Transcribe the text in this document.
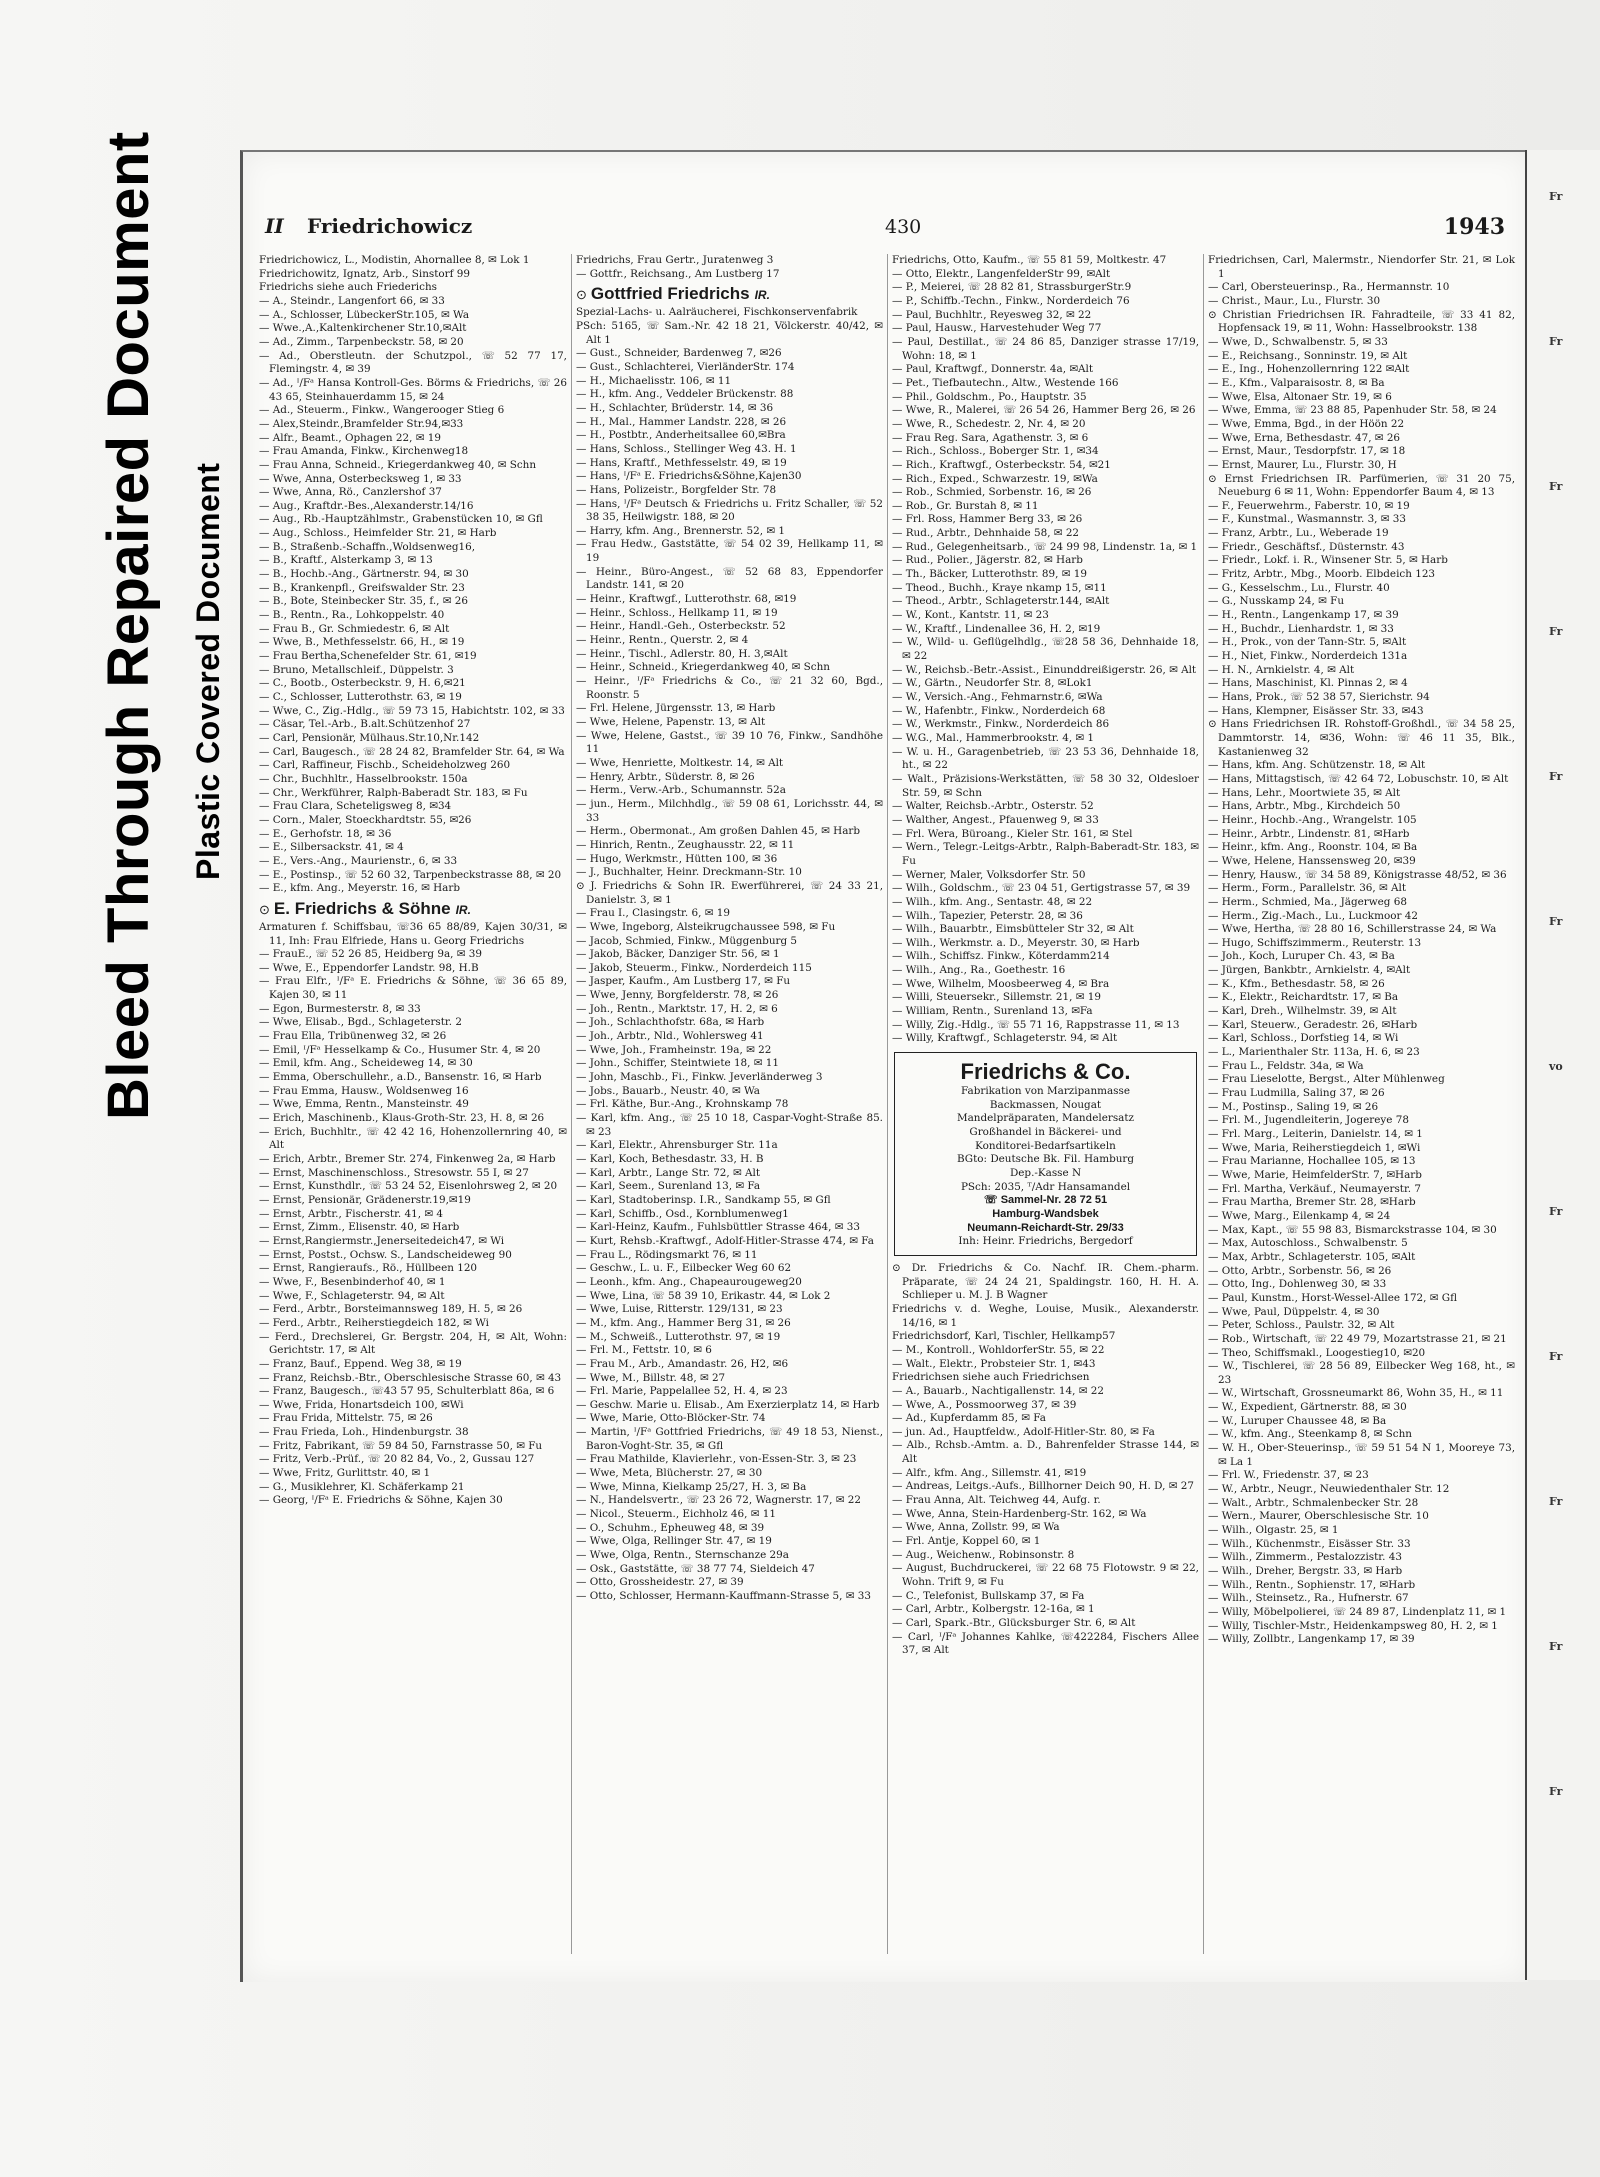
Bleed Through Repaired Document Plastic Covered Document
II Friedrichowicz	430	1943
Friedrichowicz, L., Modistin, Ahornallee 8, ✉ Lok 1
Friedrichowitz, Ignatz, Arb., Sinstorf 99
Friedrichs siehe auch Friederichs
— A., Steindr., Langenfort 66, ✉ 33
— A., Schlosser, LübeckerStr.105, ✉ Wa
— Wwe.,A.,Kaltenkirchener Str.10,✉Alt
— Ad., Zimm., Tarpenbeckstr. 58, ✉ 20
— Ad., Oberstleutn. der Schutzpol., ☏ 52 77 17, Flemingstr. 4, ✉ 39
— Ad., ᴵ/Fᵃ Hansa Kontroll-Ges. Börms & Friedrichs, ☏ 26 43 65, Steinhauerdamm 15, ✉ 24
— Ad., Steuerm., Finkw., Wangerooger Stieg 6
— Alex,Steindr.,Bramfelder Str.94,✉33
— Alfr., Beamt., Ophagen 22, ✉ 19
— Frau Amanda, Finkw., Kirchenweg18
— Frau Anna, Schneid., Kriegerdankweg 40, ✉ Schn
— Wwe, Anna, Osterbecksweg 1, ✉ 33
— Wwe, Anna, Rö., Canzlershof 37
— Aug., Kraftdr.-Bes.,Alexanderstr.14/16
— Aug., Rb.-Hauptzählmstr., Grabenstücken 10, ✉ Gfl
— Aug., Schloss., Heimfelder Str. 21, ✉ Harb
— B., Straßenb.-Schaffn.,Woldsenweg16,
— B., Kraftf., Alsterkamp 3, ✉ 13
— B., Hochb.-Ang., Gärtnerstr. 94, ✉ 30
— B., Krankenpfl., Greifswalder Str. 23
— B., Bote, Steinbecker Str. 35, f., ✉ 26
— B., Rentn., Ra., Lohkoppelstr. 40
— Frau B., Gr. Schmiedestr. 6, ✉ Alt
— Wwe, B., Methfesselstr. 66, H., ✉ 19
— Frau Bertha,Schenefelder Str. 61, ✉19
— Bruno, Metallschleif., Düppelstr. 3
— C., Bootb., Osterbeckstr. 9, H. 6,✉21
— C., Schlosser, Lutterothstr. 63, ✉ 19
— Wwe, C., Zig.-Hdlg., ☏ 59 73 15, Habichtstr. 102, ✉ 33
— Cäsar, Tel.-Arb., B.alt.Schützenhof 27
— Carl, Pensionär, Mülhaus.Str.10,Nr.142
— Carl, Baugesch., ☏ 28 24 82, Bramfelder Str. 64, ✉ Wa
— Carl, Raffineur, Fischb., Scheideholzweg 260
— Chr., Buchhltr., Hasselbrookstr. 150a
— Chr., Werkführer, Ralph-Baberadt Str. 183, ✉ Fu
— Frau Clara, Scheteligsweg 8, ✉34
— Corn., Maler, Stoeckhardtstr. 55, ✉26
— E., Gerhofstr. 18, ✉ 36
— E., Silbersackstr. 41, ✉ 4
— E., Vers.-Ang., Maurienstr., 6, ✉ 33
— E., Postinsp., ☏ 52 60 32, Tarpenbeckstrasse 88, ✉ 20
— E., kfm. Ang., Meyerstr. 16, ✉ Harb
⊙ E. Friedrichs & Söhne IR.
Armaturen f. Schiffsbau, ☏36 65 88/89, Kajen 30/31, ✉ 11, Inh: Frau Elfriede, Hans u. Georg Friedrichs
— FrauE., ☏ 52 26 85, Heidberg 9a, ✉ 39
— Wwe, E., Eppendorfer Landstr. 98, H.B
— Frau Elfr., ᴵ/Fᵃ E. Friedrichs & Söhne, ☏ 36 65 89, Kajen 30, ✉ 11
— Egon, Burmesterstr. 8, ✉ 33
— Wwe, Elisab., Bgd., Schlageterstr. 2
— Frau Ella, Tribünenweg 32, ✉ 26
— Emil, ᴵ/Fᵃ Hesselkamp & Co., Husumer Str. 4, ✉ 20
— Emil, kfm. Ang., Scheideweg 14, ✉ 30
— Emma, Oberschullehr., a.D., Bansenstr. 16, ✉ Harb
— Frau Emma, Hausw., Woldsenweg 16
— Wwe, Emma, Rentn., Mansteinstr. 49
— Erich, Maschinenb., Klaus-Groth-Str. 23, H. 8, ✉ 26
— Erich, Buchhltr., ☏ 42 42 16, Hohenzollernring 40, ✉ Alt
— Erich, Arbtr., Bremer Str. 274, Finkenweg 2a, ✉ Harb
— Ernst, Maschinenschloss., Stresowstr. 55 I, ✉ 27
— Ernst, Kunsthdlr., ☏ 53 24 52, Eisenlohrsweg 2, ✉ 20
— Ernst, Pensionär, Grädenerstr.19,✉19
— Ernst, Arbtr., Fischerstr. 41, ✉ 4
— Ernst, Zimm., Elisenstr. 40, ✉ Harb
— Ernst,Rangiermstr.,Jenerseitedeich47, ✉ Wi
— Ernst, Postst., Ochsw. S., Landscheideweg 90
— Ernst, Rangieraufs., Rö., Hüllbeen 120
— Wwe, F., Besenbinderhof 40, ✉ 1
— Wwe, F., Schlageterstr. 94, ✉ Alt
— Ferd., Arbtr., Borsteimannsweg 189, H. 5, ✉ 26
— Ferd., Arbtr., Reiherstiegdeich 182, ✉ Wi
— Ferd., Drechslerei, Gr. Bergstr. 204, H, ✉ Alt, Wohn: Gerichtstr. 17, ✉ Alt
— Franz, Bauf., Eppend. Weg 38, ✉ 19
— Franz, Reichsb.-Btr., Oberschlesische Strasse 60, ✉ 43
— Franz, Baugesch., ☏43 57 95, Schulterblatt 86a, ✉ 6
— Wwe, Frida, Honartsdeich 100, ✉Wi
— Frau Frida, Mittelstr. 75, ✉ 26
— Frau Frieda, Loh., Hindenburgstr. 38
— Fritz, Fabrikant, ☏ 59 84 50, Farnstrasse 50, ✉ Fu
— Fritz, Verb.-Prüf., ☏ 20 82 84, Vo., 2, Gussau 127
— Wwe, Fritz, Gurlittstr. 40, ✉ 1
— G., Musiklehrer, Kl. Schäferkamp 21
— Georg, ᴵ/Fᵃ E. Friedrichs & Söhne, Kajen 30
Friedrichs, Frau Gertr., Juratenweg 3
— Gottfr., Reichsang., Am Lustberg 17
⊙ Gottfried Friedrichs IR.
Spezial-Lachs- u. Aalräucherei, Fischkonservenfabrik
PSch: 5165, ☏ Sam.-Nr. 42 18 21, Völckerstr. 40/42, ✉ Alt 1
— Gust., Schneider, Bardenweg 7, ✉26
— Gust., Schlachterei, VierländerStr. 174
— H., Michaelisstr. 106, ✉ 11
— H., kfm. Ang., Veddeler Brückenstr. 88
— H., Schlachter, Brüderstr. 14, ✉ 36
— H., Mal., Hammer Landstr. 228, ✉ 26
— H., Postbtr., Anderheitsallee 60,✉Bra
— Hans, Schloss., Stellinger Weg 43. H. 1
— Hans, Kraftf., Methfesselstr. 49, ✉ 19
— Hans, ᴵ/Fᵃ E. Friedrichs&Söhne,Kajen30
— Hans, Polizeistr., Borgfelder Str. 78
— Hans, ᴵ/Fᵃ Deutsch & Friedrichs u. Fritz Schaller, ☏ 52 38 35, Heilwigstr. 188, ✉ 20
— Harry, kfm. Ang., Brennerstr. 52, ✉ 1
— Frau Hedw., Gaststätte, ☏ 54 02 39, Hellkamp 11, ✉ 19
— Heinr., Büro-Angest., ☏ 52 68 83, Eppendorfer Landstr. 141, ✉ 20
— Heinr., Kraftwgf., Lutterothstr. 68, ✉19
— Heinr., Schloss., Hellkamp 11, ✉ 19
— Heinr., Handl.-Geh., Osterbeckstr. 52
— Heinr., Rentn., Querstr. 2, ✉ 4
— Heinr., Tischl., Adlerstr. 80, H. 3,✉Alt
— Heinr., Schneid., Kriegerdankweg 40, ✉ Schn
— Heinr., ᴵ/Fᵃ Friedrichs & Co., ☏ 21 32 60, Bgd., Roonstr. 5
— Frl. Helene, Jürgensstr. 13, ✉ Harb
— Wwe, Helene, Papenstr. 13, ✉ Alt
— Wwe, Helene, Gastst., ☏ 39 10 76, Finkw., Sandhöhe 11
— Wwe, Henriette, Moltkestr. 14, ✉ Alt
— Henry, Arbtr., Süderstr. 8, ✉ 26
— Herm., Verw.-Arb., Schumannstr. 52a
— jun., Herm., Milchhdlg., ☏ 59 08 61, Lorichsstr. 44, ✉ 33
— Herm., Obermonat., Am großen Dahlen 45, ✉ Harb
— Hinrich, Rentn., Zeughausstr. 22, ✉ 11
— Hugo, Werkmstr., Hütten 100, ✉ 36
— J., Buchhalter, Heinr. Dreckmann-Str. 10
⊙ J. Friedrichs & Sohn IR. Ewerführerei, ☏ 24 33 21, Danielstr. 3, ✉ 1
— Frau I., Clasingstr. 6, ✉ 19
— Wwe, Ingeborg, Alsteikrugchaussee 598, ✉ Fu
— Jacob, Schmied, Finkw., Müggenburg 5
— Jakob, Bäcker, Danziger Str. 56, ✉ 1
— Jakob, Steuerm., Finkw., Norderdeich 115
— Jasper, Kaufm., Am Lustberg 17, ✉ Fu
— Wwe, Jenny, Borgfelderstr. 78, ✉ 26
— Joh., Rentn., Marktstr. 17, H. 2, ✉ 6
— Joh., Schlachthofstr. 68a, ✉ Harb
— Joh., Arbtr., Nld., Wohlersweg 41
— Wwe, Joh., Framheinstr. 19a, ✉ 22
— John., Schiffer, Steintwiete 18, ✉ 11
— John, Maschb., Fi., Finkw. Jeverländerweg 3
— Jobs., Bauarb., Neustr. 40, ✉ Wa
— Frl. Käthe, Bur.-Ang., Krohnskamp 78
— Karl, kfm. Ang., ☏ 25 10 18, Caspar-Voght-Straße 85. ✉ 23
— Karl, Elektr., Ahrensburger Str. 11a
— Karl, Koch, Bethesdastr. 33, H. B
— Karl, Arbtr., Lange Str. 72, ✉ Alt
— Karl, Seem., Surenland 13, ✉ Fa
— Karl, Stadtoberinsp. I.R., Sandkamp 55, ✉ Gfl
— Karl, Schiffb., Osd., Kornblumenweg1
— Karl-Heinz, Kaufm., Fuhlsbüttler Strasse 464, ✉ 33
— Kurt, Rehsb.-Kraftwgf., Adolf-Hitler-Strasse 474, ✉ Fa
— Frau L., Rödingsmarkt 76, ✉ 11
— Geschw., L. u. F., Eilbecker Weg 60 62
— Leonh., kfm. Ang., Chapeaurougeweg20
— Wwe, Lina, ☏ 58 39 10, Erikastr. 44, ✉ Lok 2
— Wwe, Luise, Ritterstr. 129/131, ✉ 23
— M., kfm. Ang., Hammer Berg 31, ✉ 26
— M., Schweiß., Lutterothstr. 97, ✉ 19
— Frl. M., Fettstr. 10, ✉ 6
— Frau M., Arb., Amandastr. 26, H2, ✉6
— Wwe, M., Billstr. 48, ✉ 27
— Frl. Marie, Pappelallee 52, H. 4, ✉ 23
— Geschw. Marie u. Elisab., Am Exerzierplatz 14, ✉ Harb
— Wwe, Marie, Otto-Blöcker-Str. 74
— Martin, ᴵ/Fᵃ Gottfried Friedrichs, ☏ 49 18 53, Nienst., Baron-Voght-Str. 35, ✉ Gfl
— Frau Mathilde, Klavierlehr., von-Essen-Str. 3, ✉ 23
— Wwe, Meta, Blücherstr. 27, ✉ 30
— Wwe, Minna, Kielkamp 25/27, H. 3, ✉ Ba
— N., Handelsvertr., ☏ 23 26 72, Wagnerstr. 17, ✉ 22
— Nicol., Steuerm., Eichholz 46, ✉ 11
— O., Schuhm., Epheuweg 48, ✉ 39
— Wwe, Olga, Rellinger Str. 47, ✉ 19
— Wwe, Olga, Rentn., Sternschanze 29a
— Osk., Gaststätte, ☏ 38 77 74, Sieldeich 47
— Otto, Grossheidestr. 27, ✉ 39
— Otto, Schlosser, Hermann-Kauffmann-Strasse 5, ✉ 33
Friedrichs, Otto, Kaufm., ☏ 55 81 59, Moltkestr. 47
— Otto, Elektr., LangenfelderStr 99, ✉Alt
— P., Meierei, ☏ 28 82 81, StrassburgerStr.9
— P., Schiffb.-Techn., Finkw., Norderdeich 76
— Paul, Buchhltr., Reyesweg 32, ✉ 22
— Paul, Hausw., Harvestehuder Weg 77
— Paul, Destillat., ☏ 24 86 85, Danziger strasse 17/19, Wohn: 18, ✉ 1
— Paul, Kraftwgf., Donnerstr. 4a, ✉Alt
— Pet., Tiefbautechn., Altw., Westende 166
— Phil., Goldschm., Po., Hauptstr. 35
— Wwe, R., Malerei, ☏ 26 54 26, Hammer Berg 26, ✉ 26
— Wwe, R., Schedestr. 2, Nr. 4, ✉ 20
— Frau Reg. Sara, Agathenstr. 3, ✉ 6
— Rich., Schloss., Boberger Str. 1, ✉34
— Rich., Kraftwgf., Osterbeckstr. 54, ✉21
— Rich., Exped., Schwarzestr. 19, ✉Wa
— Rob., Schmied, Sorbenstr. 16, ✉ 26
— Rob., Gr. Burstah 8, ✉ 11
— Frl. Ross, Hammer Berg 33, ✉ 26
— Rud., Arbtr., Dehnhaide 58, ✉ 22
— Rud., Gelegenheitsarb., ☏ 24 99 98, Lindenstr. 1a, ✉ 1
— Rud., Polier., Jägerstr. 82, ✉ Harb
— Th., Bäcker, Lutterothstr. 89, ✉ 19
— Theod., Buchh., Kraye nkamp 15, ✉11
— Theod., Arbtr., Schlageterstr.144, ✉Alt
— W., Kont., Kantstr. 11, ✉ 23
— W., Kraftf., Lindenallee 36, H. 2, ✉19
— W., Wild- u. Geflügelhdlg., ☏28 58 36, Dehnhaide 18, ✉ 22
— W., Reichsb.-Betr.-Assist., Einunddreißigerstr. 26, ✉ Alt
— W., Gärtn., Neudorfer Str. 8, ✉Lok1
— W., Versich.-Ang., Fehmarnstr.6, ✉Wa
— W., Hafenbtr., Finkw., Norderdeich 68
— W., Werkmstr., Finkw., Norderdeich 86
— W.G., Mal., Hammerbrookstr. 4, ✉ 1
— W. u. H., Garagenbetrieb, ☏ 23 53 36, Dehnhaide 18, ht., ✉ 22
— Walt., Präzisions-Werkstätten, ☏ 58 30 32, Oldesloer Str. 59, ✉ Schn
— Walter, Reichsb.-Arbtr., Osterstr. 52
— Walther, Angest., Pfauenweg 9, ✉ 33
— Frl. Wera, Büroang., Kieler Str. 161, ✉ Stel
— Wern., Telegr.-Leitgs-Arbtr., Ralph-Baberadt-Str. 183, ✉ Fu
— Werner, Maler, Volksdorfer Str. 50
— Wilh., Goldschm., ☏ 23 04 51, Gertigstrasse 57, ✉ 39
— Wilh., kfm. Ang., Sentastr. 48, ✉ 22
— Wilh., Tapezier, Peterstr. 28, ✉ 36
— Wilh., Bauarbtr., Eimsbütteler Str 32, ✉ Alt
— Wilh., Werkmstr. a. D., Meyerstr. 30, ✉ Harb
— Wilh., Schiffsz. Finkw., Köterdamm214
— Wilh., Ang., Ra., Goethestr. 16
— Wwe, Wilhelm, Moosbeerweg 4, ✉ Bra
— Willi, Steuersekr., Sillemstr. 21, ✉ 19
— William, Rentn., Surenland 13, ✉Fa
— Willy, Zig.-Hdlg., ☏ 55 71 16, Rappstrasse 11, ✉ 13
— Willy, Kraftwgf., Schlageterstr. 94, ✉ Alt
Friedrichs & Co.
Fabrikation von Marzipanmasse
Backmassen, Nougat
Mandelpräparaten, Mandelersatz
Großhandel in Bäckerei- und
Konditorei-Bedarfsartikeln
BGto: Deutsche Bk. Fil. Hamburg
Dep.-Kasse N
PSch: 2035, ᵀ/Adr Hansamandel
☏ Sammel-Nr. 28 72 51
Hamburg-Wandsbek
Neumann-Reichardt-Str. 29/33
Inh: Heinr. Friedrichs, Bergedorf
⊙ Dr. Friedrichs & Co. Nachf. IR. Chem.-pharm. Präparate, ☏ 24 24 21, Spaldingstr. 160, H. H. A. Schlieper u. M. J. B Wagner
Friedrichs v. d. Weghe, Louise, Musik., Alexanderstr. 14/16, ✉ 1
Friedrichsdorf, Karl, Tischler, Hellkamp57
— M., Kontroll., WohldorferStr. 55, ✉ 22
— Walt., Elektr., Probsteier Str. 1, ✉43
Friedrichsen siehe auch Friedrichsen
— A., Bauarb., Nachtigallenstr. 14, ✉ 22
— Wwe, A., Possmoorweg 37, ✉ 39
— Ad., Kupferdamm 85, ✉ Fa
— jun. Ad., Hauptfeldw., Adolf-Hitler-Str. 80, ✉ Fa
— Alb., Rchsb.-Amtm. a. D., Bahrenfelder Strasse 144, ✉ Alt
— Alfr., kfm. Ang., Sillemstr. 41, ✉19
— Andreas, Leitgs.-Aufs., Billhorner Deich 90, H. D, ✉ 27
— Frau Anna, Alt. Teichweg 44, Aufg. r.
— Wwe, Anna, Stein-Hardenberg-Str. 162, ✉ Wa
— Wwe, Anna, Zollstr. 99, ✉ Wa
— Frl. Antje, Koppel 60, ✉ 1
— Aug., Weichenw., Robinsonstr. 8
— August, Buchdruckerei, ☏ 22 68 75 Flotowstr. 9 ✉ 22, Wohn. Trift 9, ✉ Fu
— C., Telefonist, Bullskamp 37, ✉ Fa
— Carl, Arbtr., Kolbergstr. 12-16a, ✉ 1
— Carl, Spark.-Btr., Glücksburger Str. 6, ✉ Alt
— Carl, ᴵ/Fᵃ Johannes Kahlke, ☏422284, Fischers Allee 37, ✉ Alt
Friedrichsen, Carl, Malermstr., Niendorfer Str. 21, ✉ Lok 1
— Carl, Obersteuerinsp., Ra., Hermannstr. 10
— Christ., Maur., Lu., Flurstr. 30
⊙ Christian Friedrichsen IR. Fahradteile, ☏ 33 41 82, Hopfensack 19, ✉ 11, Wohn: Hasselbrookstr. 138
— Wwe, D., Schwalbenstr. 5, ✉ 33
— E., Reichsang., Sonninstr. 19, ✉ Alt
— E., Ing., Hohenzollernring 122 ✉Alt
— E., Kfm., Valparaisostr. 8, ✉ Ba
— Wwe, Elsa, Altonaer Str. 19, ✉ 6
— Wwe, Emma, ☏ 23 88 85, Papenhuder Str. 58, ✉ 24
— Wwe, Emma, Bgd., in der Höön 22
— Wwe, Erna, Bethesdastr. 47, ✉ 26
— Ernst, Maur., Tesdorpfstr. 17, ✉ 18
— Ernst, Maurer, Lu., Flurstr. 30, H
⊙ Ernst Friedrichsen IR. Parfümerien, ☏ 31 20 75, Neueburg 6 ✉ 11, Wohn: Eppendorfer Baum 4, ✉ 13
— F., Feuerwehrm., Faberstr. 10, ✉ 19
— F., Kunstmal., Wasmannstr. 3, ✉ 33
— Franz, Arbtr., Lu., Weberade 19
— Friedr., Geschäftsf., Düsternstr. 43
— Friedr., Lokf. i. R., Winsener Str. 5, ✉ Harb
— Fritz, Arbtr., Mbg., Moorb. Elbdeich 123
— G., Kesselschm., Lu., Flurstr. 40
— G., Nusskamp 24, ✉ Fu
— H., Rentn., Langenkamp 17, ✉ 39
— H., Buchdr., Lienhardstr. 1, ✉ 33
— H., Prok., von der Tann-Str. 5, ✉Alt
— H., Niet, Finkw., Norderdeich 131a
— H. N., Arnkielstr. 4, ✉ Alt
— Hans, Maschinist, Kl. Pinnas 2, ✉ 4
— Hans, Prok., ☏ 52 38 57, Sierichstr. 94
— Hans, Klempner, Eisässer Str. 33, ✉43
⊙ Hans Friedrichsen IR. Rohstoff-Großhdl., ☏ 34 58 25, Dammtorstr. 14, ✉36, Wohn: ☏ 46 11 35, Blk., Kastanienweg 32
— Hans, kfm. Ang. Schützenstr. 18, ✉ Alt
— Hans, Mittagstisch, ☏ 42 64 72, Lobuschstr. 10, ✉ Alt
— Hans, Lehr., Moortwiete 35, ✉ Alt
— Hans, Arbtr., Mbg., Kirchdeich 50
— Heinr., Hochb.-Ang., Wrangelstr. 105
— Heinr., Arbtr., Lindenstr. 81, ✉Harb
— Heinr., kfm. Ang., Roonstr. 104, ✉ Ba
— Wwe, Helene, Hanssensweg 20, ✉39
— Henry, Hausw., ☏ 34 58 89, Königstrasse 48/52, ✉ 36
— Herm., Form., Parallelstr. 36, ✉ Alt
— Herm., Schmied, Ma., Jägerweg 68
— Herm., Zig.-Mach., Lu., Luckmoor 42
— Wwe, Hertha, ☏ 28 80 16, Schillerstrasse 24, ✉ Wa
— Hugo, Schiffszimmerm., Reuterstr. 13
— Joh., Koch, Luruper Ch. 43, ✉ Ba
— Jürgen, Bankbtr., Arnkielstr. 4, ✉Alt
— K., Kfm., Bethesdastr. 58, ✉ 26
— K., Elektr., Reichardtstr. 17, ✉ Ba
— Karl, Dreh., Wilhelmstr. 39, ✉ Alt
— Karl, Steuerw., Geradestr. 26, ✉Harb
— Karl, Schloss., Dorfstieg 14, ✉ Wi
— L., Marienthaler Str. 113a, H. 6, ✉ 23
— Frau L., Feldstr. 34a, ✉ Wa
— Frau Lieselotte, Bergst., Alter Mühlenweg
— Frau Ludmilla, Saling 37, ✉ 26
— M., Postinsp., Saling 19, ✉ 26
— Frl. M., Jugendleiterin, Jogereye 78
— Frl. Marg., Leiterin, Danielstr. 14, ✉ 1
— Wwe, Maria, Reiherstiegdeich 1, ✉Wi
— Frau Marianne, Hochallee 105, ✉ 13
— Wwe, Marie, HeimfelderStr. 7, ✉Harb
— Frl. Martha, Verkäuf., Neumayerstr. 7
— Frau Martha, Bremer Str. 28, ✉Harb
— Wwe, Marg., Eilenkamp 4, ✉ 24
— Max, Kapt., ☏ 55 98 83, Bismarckstrasse 104, ✉ 30
— Max, Autoschloss., Schwalbenstr. 5
— Max, Arbtr., Schlageterstr. 105, ✉Alt
— Otto, Arbtr., Sorbenstr. 56, ✉ 26
— Otto, Ing., Dohlenweg 30, ✉ 33
— Paul, Kunstm., Horst-Wessel-Allee 172, ✉ Gfl
— Wwe, Paul, Düppelstr. 4, ✉ 30
— Peter, Schloss., Paulstr. 32, ✉ Alt
— Rob., Wirtschaft, ☏ 22 49 79, Mozartstrasse 21, ✉ 21
— Theo, Schiffsmakl., Loogestieg10, ✉20
— W., Tischlerei, ☏ 28 56 89, Eilbecker Weg 168, ht., ✉ 23
— W., Wirtschaft, Grossneumarkt 86, Wohn 35, H., ✉ 11
— W., Expedient, Gärtnerstr. 88, ✉ 30
— W., Luruper Chaussee 48, ✉ Ba
— W., kfm. Ang., Steenkamp 8, ✉ Schn
— W. H., Ober-Steuerinsp., ☏ 59 51 54 N 1, Mooreye 73, ✉ La 1
— Frl. W., Friedenstr. 37, ✉ 23
— W., Arbtr., Neugr., Neuwiedenthaler Str. 12
— Walt., Arbtr., Schmalenbecker Str. 28
— Wern., Maurer, Oberschlesische Str. 10
— Wilh., Olgastr. 25, ✉ 1
— Wilh., Küchenmstr., Eisässer Str. 33
— Wilh., Zimmerm., Pestalozzistr. 43
— Wilh., Dreher, Bergstr. 33, ✉ Harb
— Wilh., Rentn., Sophienstr. 17, ✉Harb
— Wilh., Steinsetz., Ra., Hufnerstr. 67
— Willy, Möbelpolierei, ☏ 24 89 87, Lindenplatz 11, ✉ 1
— Willy, Tischler-Mstr., Heidenkampsweg 80, H. 2, ✉ 1
— Willy, Zollbtr., Langenkamp 17, ✉ 39
Fr
Fr
Fr
Fr
Fr
Fr
vo
Fr
Fr
Fr
Fr
Fr
